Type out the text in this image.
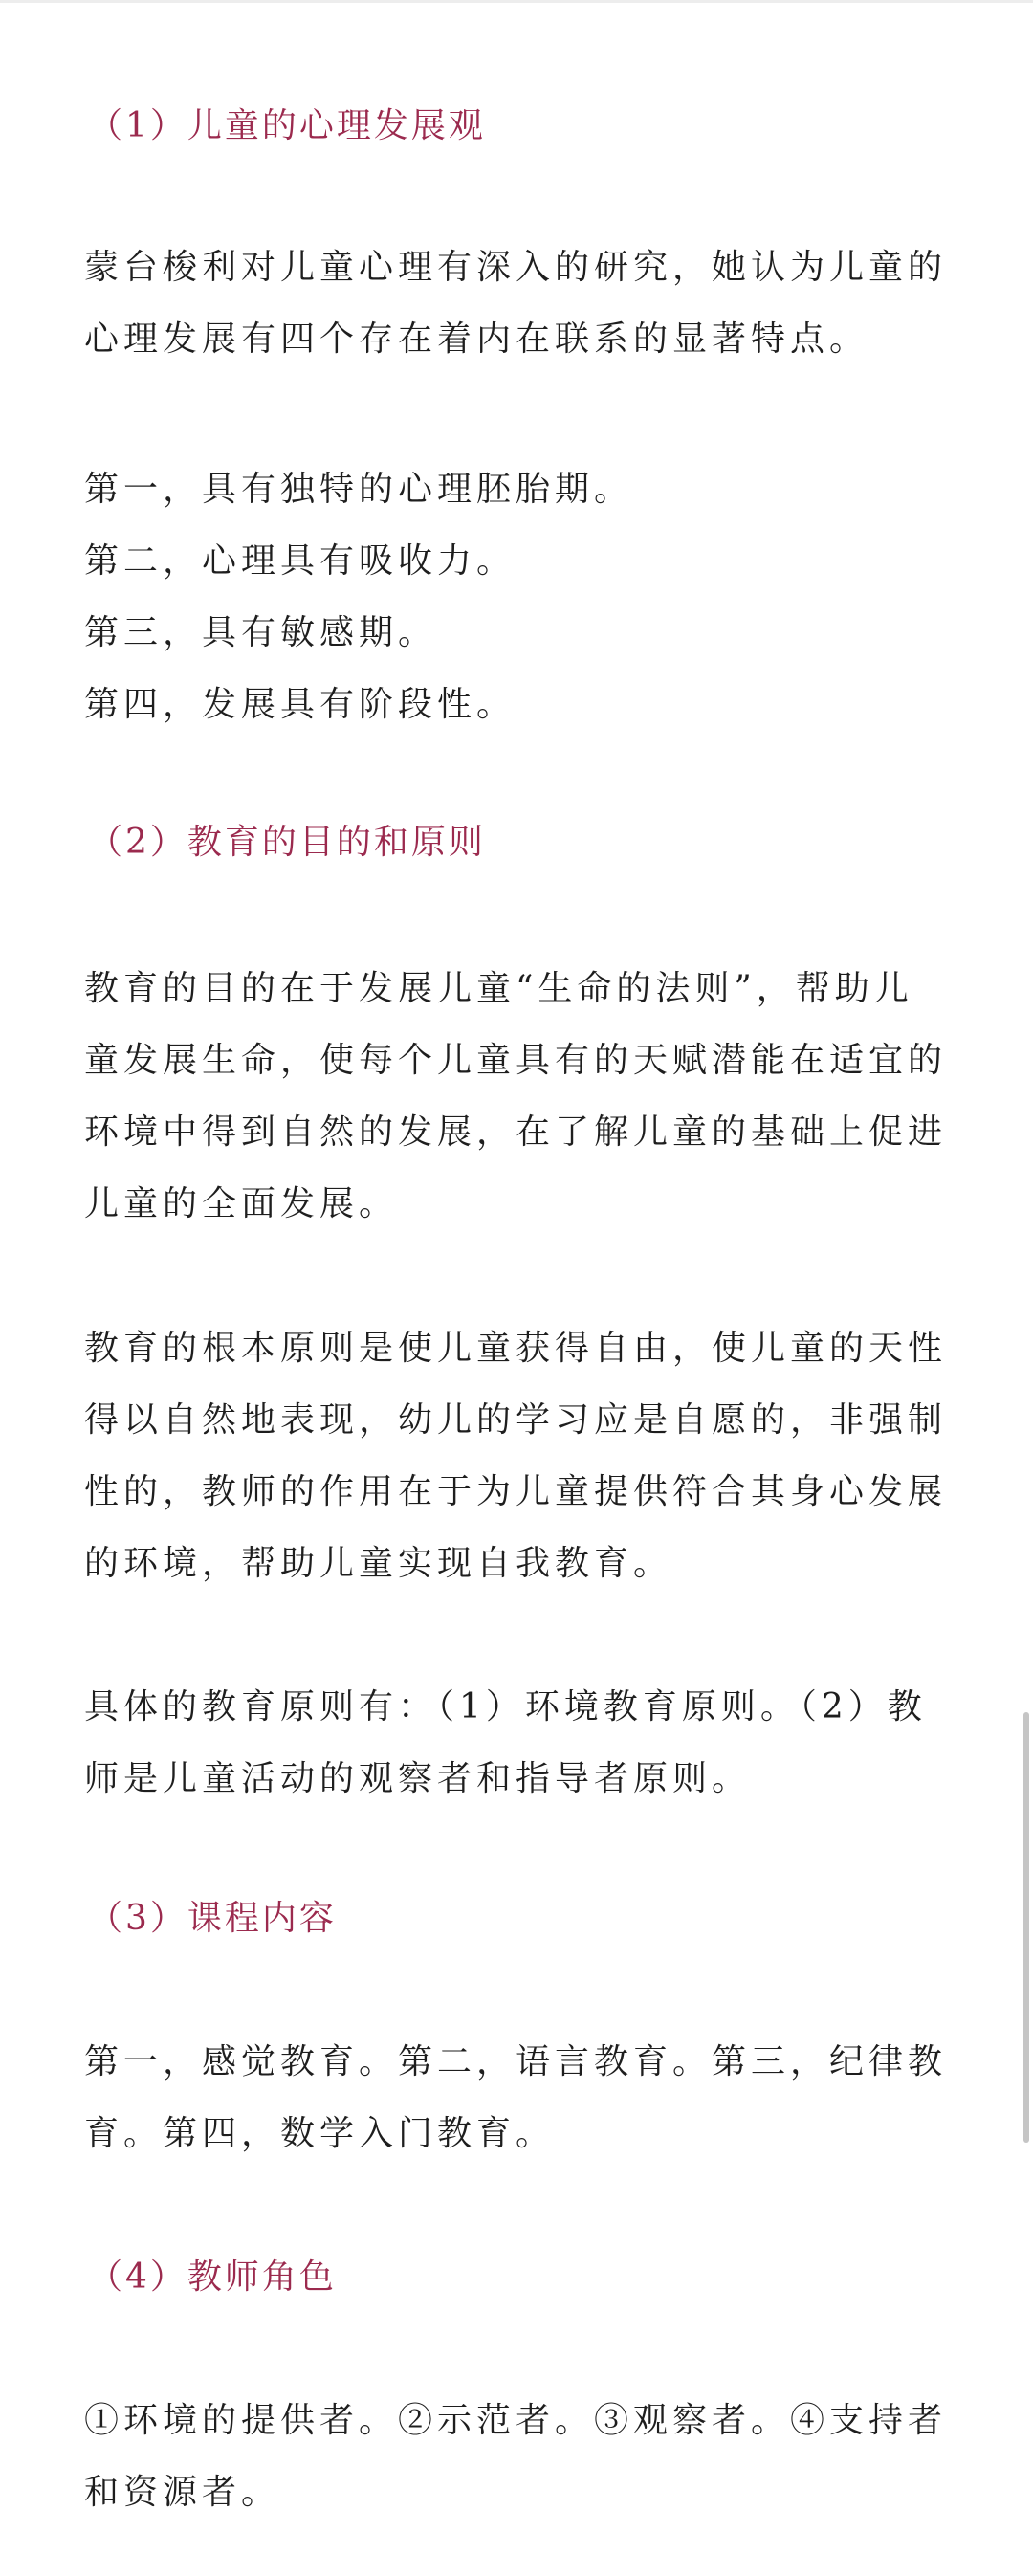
（1）儿童的心理发展观
蒙台梭利对儿童心理有深入的研究，她认为儿童的
心理发展有四个存在着内在联系的显著特点。
第一，具有独特的心理胚胎期。
第二，心理具有吸收力。
第三，具有敏感期。
第四，发展具有阶段性。
（2）教育的目的和原则
教育的目的在于发展儿童“生命的法则”，帮助儿
童发展生命，使每个儿童具有的天赋潜能在适宜的
环境中得到自然的发展，在了解儿童的基础上促进
儿童的全面发展。
教育的根本原则是使儿童获得自由，使儿童的天性
得以自然地表现，幼儿的学习应是自愿的，非强制
性的，教师的作用在于为儿童提供符合其身心发展
的环境，帮助儿童实现自我教育。
具体的教育原则有：（1）环境教育原则。（2）教
师是儿童活动的观察者和指导者原则。
（3）课程内容
第一，感觉教育。第二，语言教育。第三，纪律教
育。第四，数学入门教育。
（4）教师角色
①环境的提供者。②示范者。③观察者。④支持者
和资源者。
